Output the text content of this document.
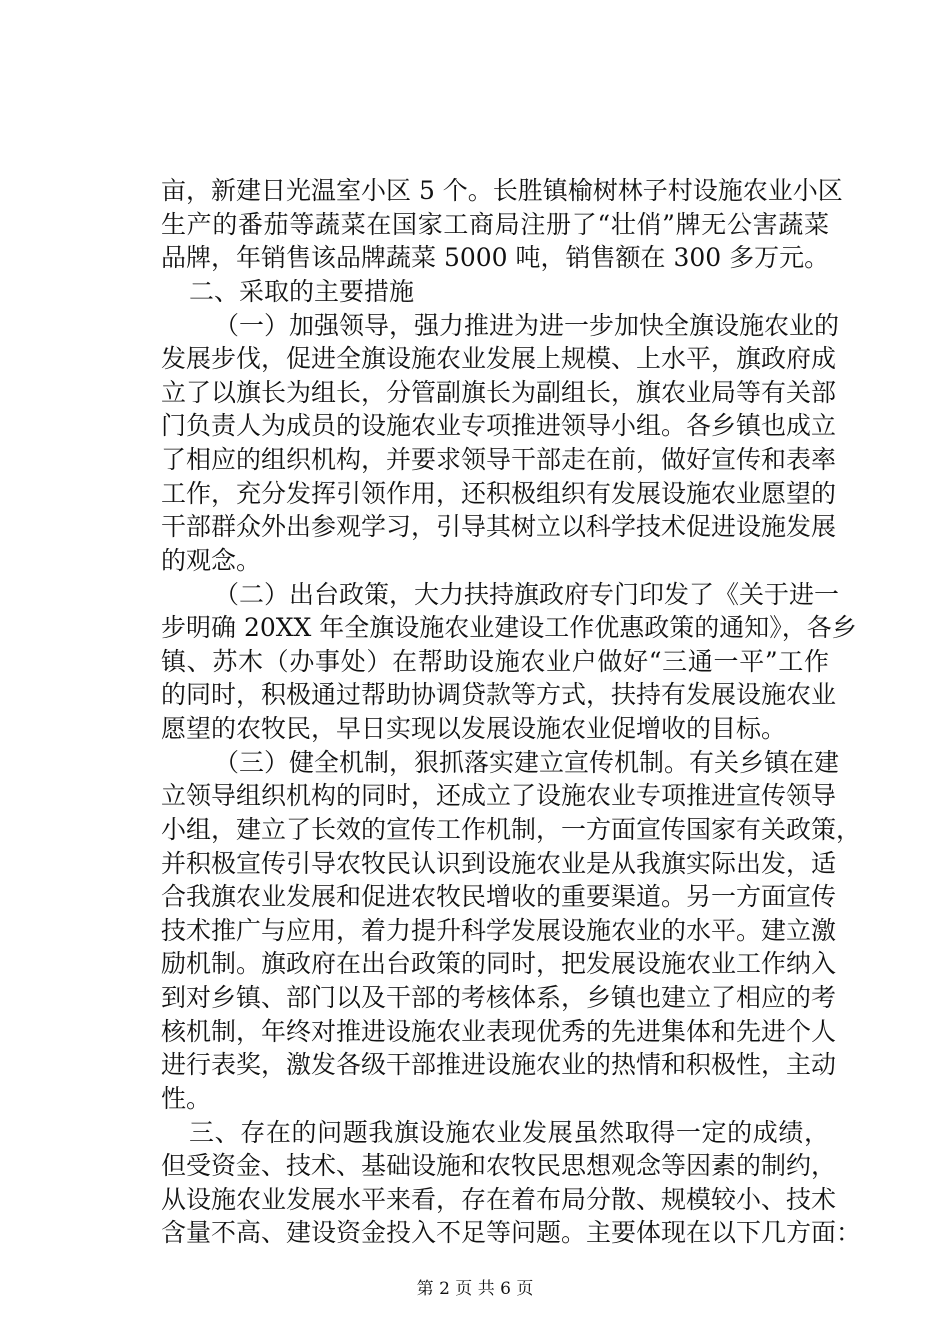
亩，新建日光温室小区 5 个。长胜镇榆树林子村设施农业小区
生产的番茄等蔬菜在国家工商局注册了“壮俏”牌无公害蔬菜
品牌，年销售该品牌蔬菜 5000 吨，销售额在 300 多万元。
二、采取的主要措施
（一）加强领导，强力推进为进一步加快全旗设施农业的
发展步伐，促进全旗设施农业发展上规模、上水平，旗政府成
立了以旗长为组长，分管副旗长为副组长，旗农业局等有关部
门负责人为成员的设施农业专项推进领导小组。各乡镇也成立
了相应的组织机构，并要求领导干部走在前，做好宣传和表率
工作，充分发挥引领作用，还积极组织有发展设施农业愿望的
干部群众外出参观学习，引导其树立以科学技术促进设施发展
的观念。
（二）出台政策，大力扶持旗政府专门印发了《关于进一
步明确 20XX 年全旗设施农业建设工作优惠政策的通知》，各乡
镇、苏木（办事处）在帮助设施农业户做好“三通一平”工作
的同时，积极通过帮助协调贷款等方式，扶持有发展设施农业
愿望的农牧民，早日实现以发展设施农业促增收的目标。
（三）健全机制，狠抓落实建立宣传机制。有关乡镇在建
立领导组织机构的同时，还成立了设施农业专项推进宣传领导
小组，建立了长效的宣传工作机制，一方面宣传国家有关政策，
并积极宣传引导农牧民认识到设施农业是从我旗实际出发，适
合我旗农业发展和促进农牧民增收的重要渠道。另一方面宣传
技术推广与应用，着力提升科学发展设施农业的水平。建立激
励机制。旗政府在出台政策的同时，把发展设施农业工作纳入
到对乡镇、部门以及干部的考核体系，乡镇也建立了相应的考
核机制，年终对推进设施农业表现优秀的先进集体和先进个人
进行表奖，激发各级干部推进设施农业的热情和积极性，主动
性。
三、存在的问题我旗设施农业发展虽然取得一定的成绩，
但受资金、技术、基础设施和农牧民思想观念等因素的制约，
从设施农业发展水平来看，存在着布局分散、规模较小、技术
含量不高、建设资金投入不足等问题。主要体现在以下几方面：
第 2 页 共 6 页
